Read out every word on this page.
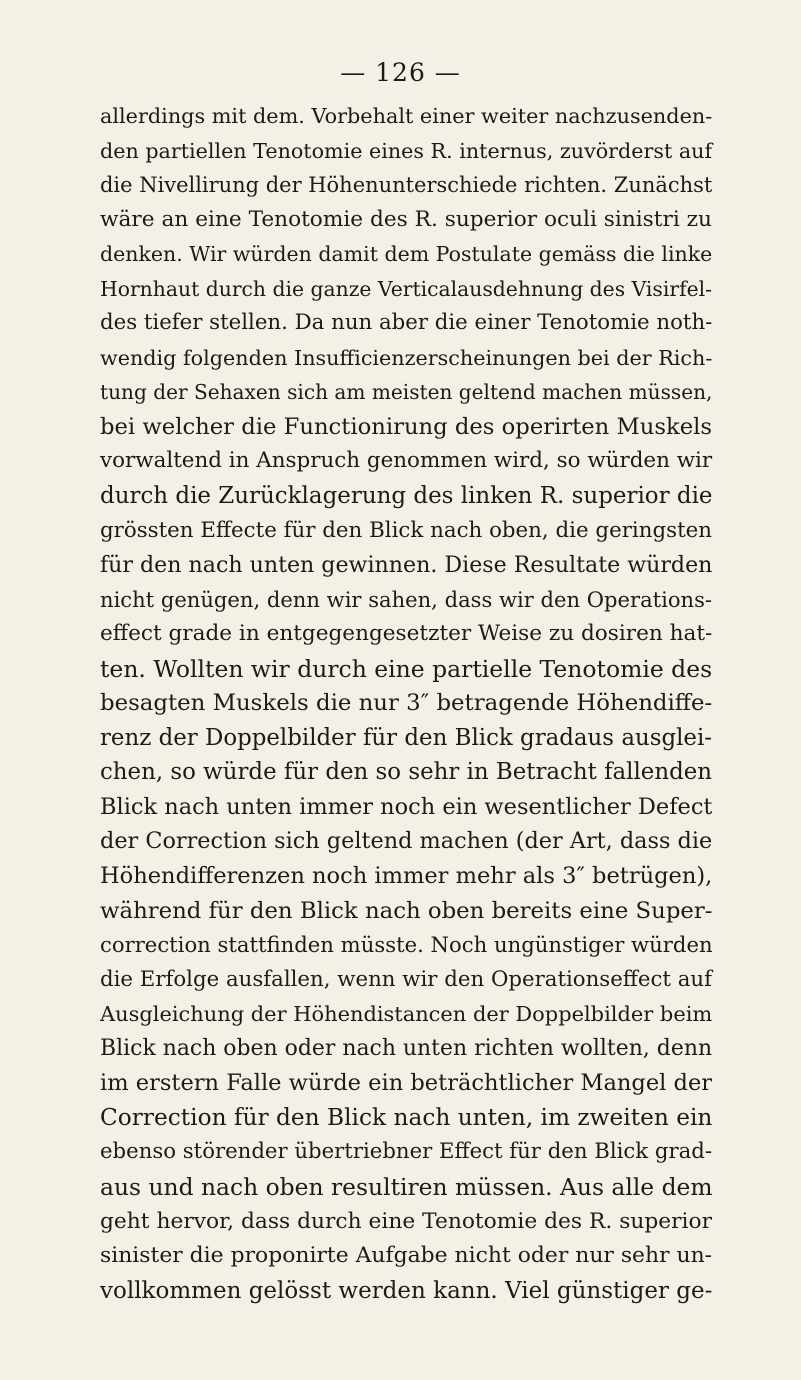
— 126 —
allerdings mit dem. Vorbehalt einer weiter nachzusenden-
den partiellen Tenotomie eines R. internus, zuvörderst auf
die Nivellirung der Höhenunterschiede richten. Zunächst
wäre an eine Tenotomie des R. superior oculi sinistri zu
denken. Wir würden damit dem Postulate gemäss die linke
Hornhaut durch die ganze Verticalausdehnung des Visirfel-
des tiefer stellen. Da nun aber die einer Tenotomie noth-
wendig folgenden Insufficienzerscheinungen bei der Rich-
tung der Sehaxen sich am meisten geltend machen müssen,
bei welcher die Functionirung des operirten Muskels
vorwaltend in Anspruch genommen wird, so würden wir
durch die Zurücklagerung des linken R. superior die
grössten Effecte für den Blick nach oben, die geringsten
für den nach unten gewinnen. Diese Resultate würden
nicht genügen, denn wir sahen, dass wir den Operations-
effect grade in entgegengesetzter Weise zu dosiren hat-
ten. Wollten wir durch eine partielle Tenotomie des
besagten Muskels die nur 3″ betragende Höhendiffe-
renz der Doppelbilder für den Blick gradaus ausglei-
chen, so würde für den so sehr in Betracht fallenden
Blick nach unten immer noch ein wesentlicher Defect
der Correction sich geltend machen (der Art, dass die
Höhendifferenzen noch immer mehr als 3″ betrügen),
während für den Blick nach oben bereits eine Super-
correction stattfinden müsste. Noch ungünstiger würden
die Erfolge ausfallen, wenn wir den Operationseffect auf
Ausgleichung der Höhendistancen der Doppelbilder beim
Blick nach oben oder nach unten richten wollten, denn
im erstern Falle würde ein beträchtlicher Mangel der
Correction für den Blick nach unten, im zweiten ein
ebenso störender übertriebner Effect für den Blick grad-
aus und nach oben resultiren müssen. Aus alle dem
geht hervor, dass durch eine Tenotomie des R. superior
sinister die proponirte Aufgabe nicht oder nur sehr un-
vollkommen gelösst werden kann. Viel günstiger ge-
